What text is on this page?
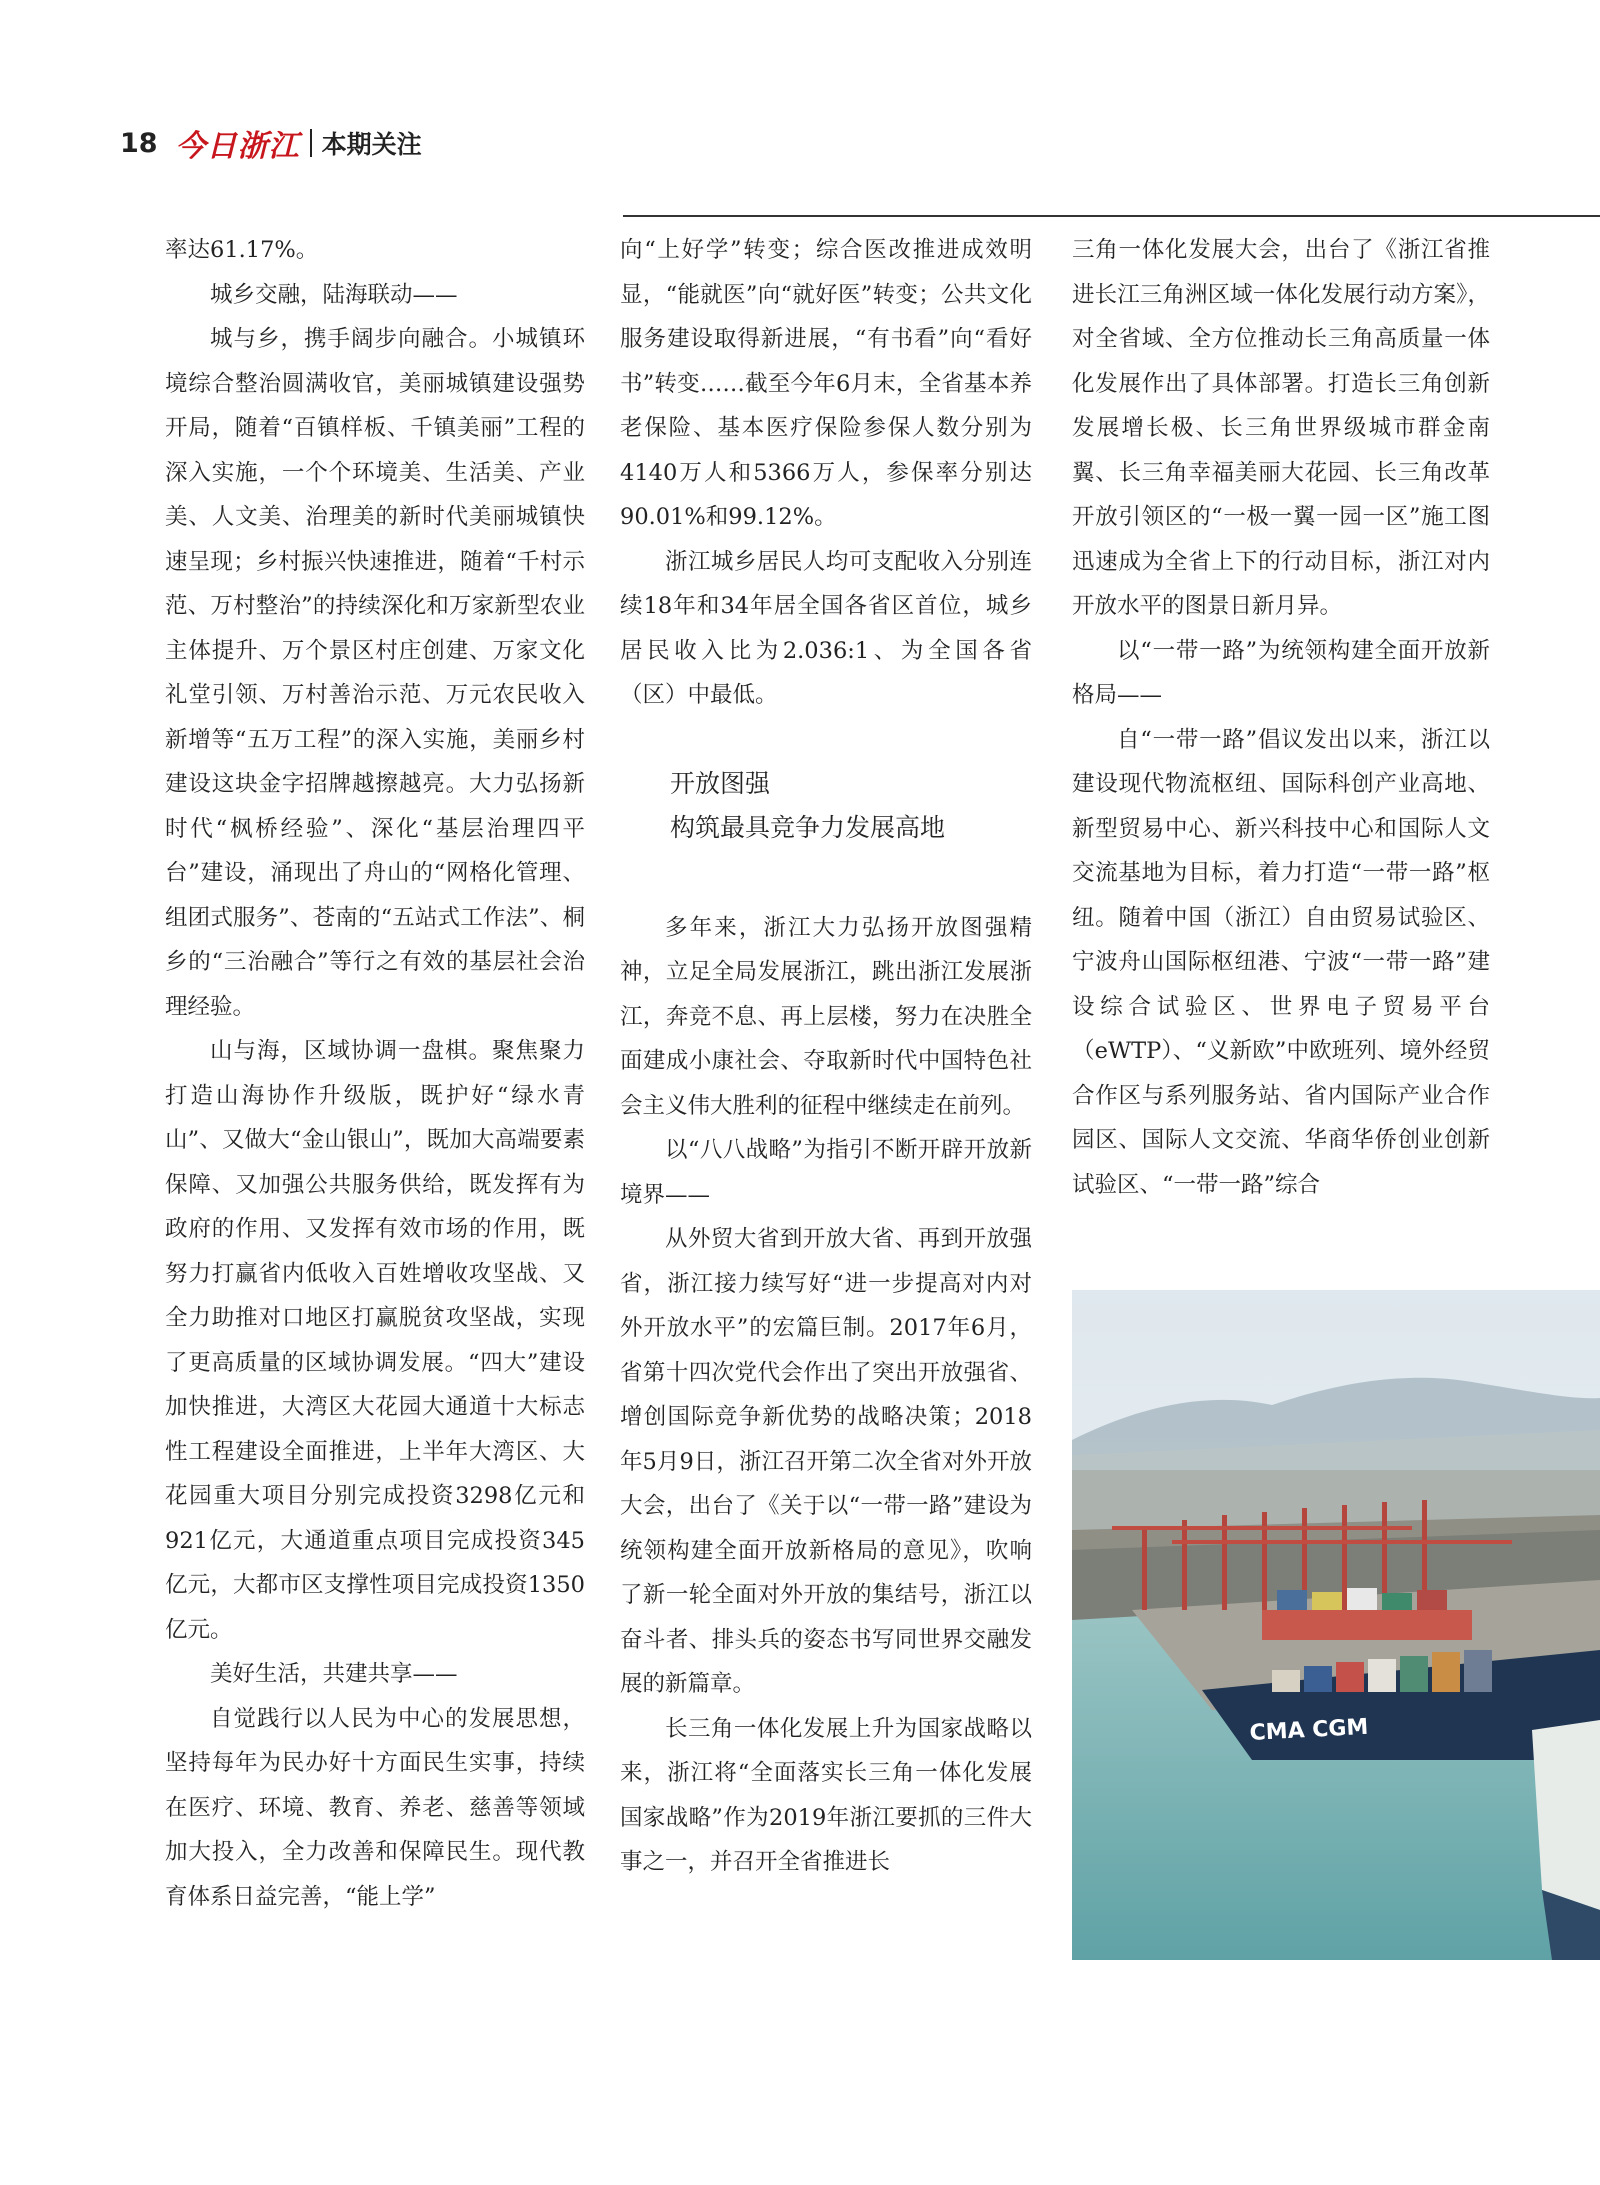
18 今日浙江 本期关注

率达61.17%。

城乡交融，陆海联动——

城与乡，携手阔步向融合。小城镇环境综合整治圆满收官，美丽城镇建设强势开局，随着“百镇样板、千镇美丽”工程的深入实施，一个个环境美、生活美、产业美、人文美、治理美的新时代美丽城镇快速呈现；乡村振兴快速推进，随着“千村示范、万村整治”的持续深化和万家新型农业主体提升、万个景区村庄创建、万家文化礼堂引领、万村善治示范、万元农民收入新增等“五万工程”的深入实施，美丽乡村建设这块金字招牌越擦越亮。大力弘扬新时代“枫桥经验”、深化“基层治理四平台”建设，涌现出了舟山的“网格化管理、组团式服务”、苍南的“五站式工作法”、桐乡的“三治融合”等行之有效的基层社会治理经验。

山与海，区域协调一盘棋。聚焦聚力打造山海协作升级版，既护好“绿水青山”、又做大“金山银山”，既加大高端要素保障、又加强公共服务供给，既发挥有为政府的作用、又发挥有效市场的作用，既努力打赢省内低收入百姓增收攻坚战、又全力助推对口地区打赢脱贫攻坚战，实现了更高质量的区域协调发展。“四大”建设加快推进，大湾区大花园大通道十大标志性工程建设全面推进，上半年大湾区、大花园重大项目分别完成投资3298亿元和921亿元，大通道重点项目完成投资345亿元，大都市区支撑性项目完成投资1350亿元。

美好生活，共建共享——

自觉践行以人民为中心的发展思想，坚持每年为民办好十方面民生实事，持续在医疗、环境、教育、养老、慈善等领域加大投入，全力改善和保障民生。现代教育体系日益完善，“能上学”

向“上好学”转变；综合医改推进成效明显，“能就医”向“就好医”转变；公共文化服务建设取得新进展，“有书看”向“看好书”转变……截至今年6月末，全省基本养老保险、基本医疗保险参保人数分别为4140万人和5366万人，参保率分别达90.01%和99.12%。

浙江城乡居民人均可支配收入分别连续18年和34年居全国各省区首位，城乡居民收入比为2.036:1、为全国各省（区）中最低。

开放图强

构筑最具竞争力发展高地

多年来，浙江大力弘扬开放图强精神，立足全局发展浙江，跳出浙江发展浙江，奔竞不息、再上层楼，努力在决胜全面建成小康社会、夺取新时代中国特色社会主义伟大胜利的征程中继续走在前列。

以“八八战略”为指引不断开辟开放新境界——

从外贸大省到开放大省、再到开放强省，浙江接力续写好“进一步提高对内对外开放水平”的宏篇巨制。2017年6月，省第十四次党代会作出了突出开放强省、增创国际竞争新优势的战略决策；2018年5月9日，浙江召开第二次全省对外开放大会，出台了《关于以“一带一路”建设为统领构建全面开放新格局的意见》，吹响了新一轮全面对外开放的集结号，浙江以奋斗者、排头兵的姿态书写同世界交融发展的新篇章。

长三角一体化发展上升为国家战略以来，浙江将“全面落实长三角一体化发展国家战略”作为2019年浙江要抓的三件大事之一，并召开全省推进长

三角一体化发展大会，出台了《浙江省推进长江三角洲区域一体化发展行动方案》，对全省域、全方位推动长三角高质量一体化发展作出了具体部署。打造长三角创新发展增长极、长三角世界级城市群金南翼、长三角幸福美丽大花园、长三角改革开放引领区的“一极一翼一园一区”施工图迅速成为全省上下的行动目标，浙江对内开放水平的图景日新月异。

以“一带一路”为统领构建全面开放新格局——

自“一带一路”倡议发出以来，浙江以建设现代物流枢纽、国际科创产业高地、新型贸易中心、新兴科技中心和国际人文交流基地为目标，着力打造“一带一路”枢纽。随着中国（浙江）自由贸易试验区、宁波舟山国际枢纽港、宁波“一带一路”建设综合试验区、世界电子贸易平台（eWTP）、“义新欧”中欧班列、境外经贸合作区与系列服务站、省内国际产业合作园区、国际人文交流、华商华侨创业创新试验区、“一带一路”综合

CMA CGM
